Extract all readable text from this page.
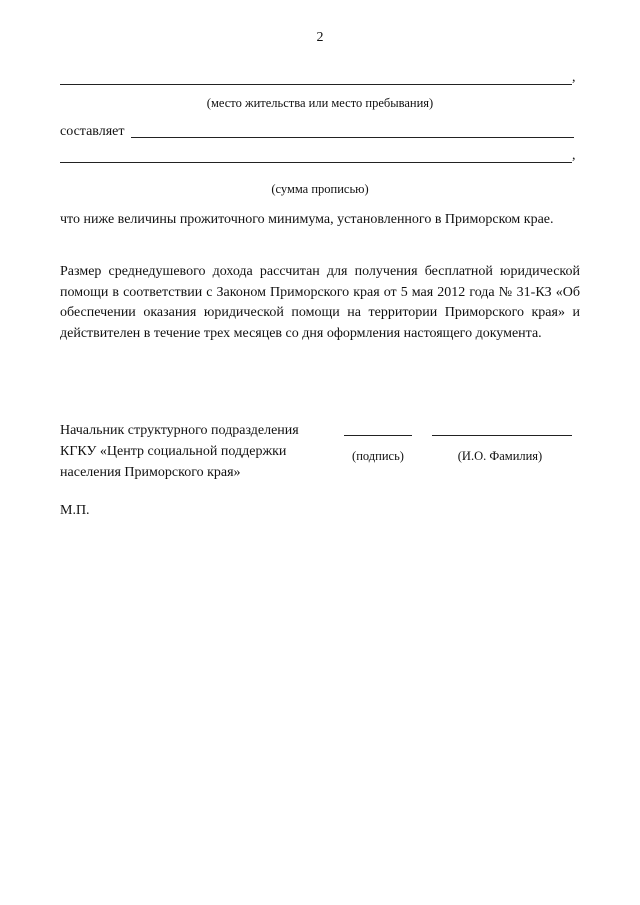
2
,
(место жительства или место пребывания)
составляет
,
(сумма прописью)
что ниже величины прожиточного минимума, установленного в Приморском крае.
Размер среднедушевого дохода рассчитан для получения бесплатной юридической помощи в соответствии с Законом Приморского края от 5 мая 2012 года № 31-КЗ «Об обеспечении оказания юридической помощи на территории Приморского края» и действителен в течение трех месяцев со дня оформления настоящего документа.
Начальник структурного подразделения
КГКУ «Центр социальной поддержки
населения Приморского края»
(подпись)	(И.О. Фамилия)
М.П.
